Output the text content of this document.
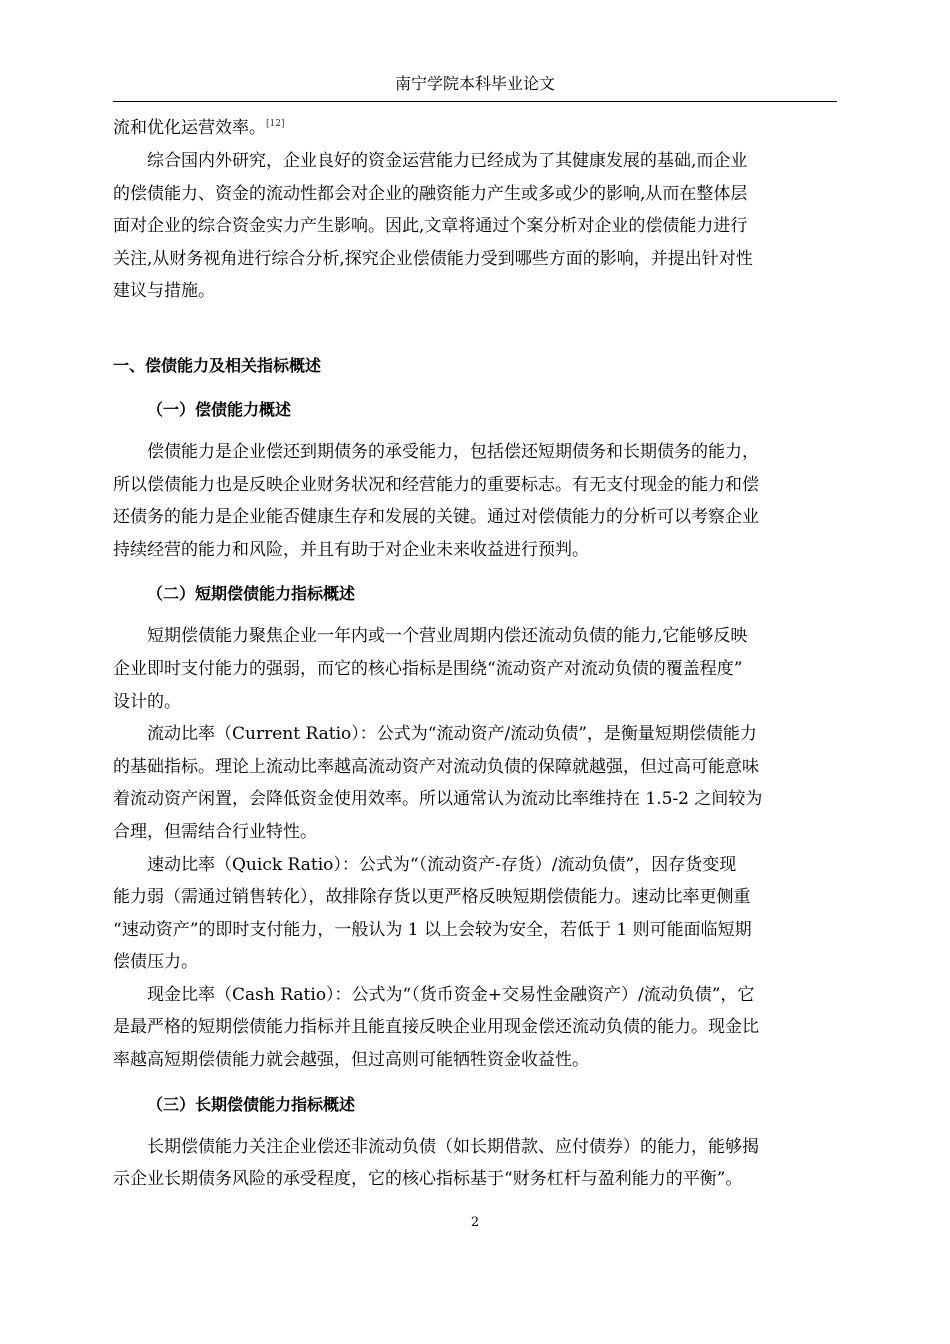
南宁学院本科毕业论文

流和优化运营效率。[12]

综合国内外研究，企业良好的资金运营能力已经成为了其健康发展的基础,而企业
的偿债能力、资金的流动性都会对企业的融资能力产生或多或少的影响,从而在整体层
面对企业的综合资金实力产生影响。因此,文章将通过个案分析对企业的偿债能力进行
关注,从财务视角进行综合分析,探究企业偿债能力受到哪些方面的影响，并提出针对性
建议与措施。

一、偿债能力及相关指标概述

（一）偿债能力概述

偿债能力是企业偿还到期债务的承受能力，包括偿还短期债务和长期债务的能力，
所以偿债能力也是反映企业财务状况和经营能力的重要标志。有无支付现金的能力和偿
还债务的能力是企业能否健康生存和发展的关键。通过对偿债能力的分析可以考察企业
持续经营的能力和风险，并且有助于对企业未来收益进行预判。

（二）短期偿债能力指标概述

短期偿债能力聚焦企业一年内或一个营业周期内偿还流动负债的能力,它能够反映
企业即时支付能力的强弱，而它的核心指标是围绕“流动资产对流动负债的覆盖程度”
设计的。

流动比率（Current Ratio）：公式为“流动资产/流动负债”，是衡量短期偿债能力
的基础指标。理论上流动比率越高流动资产对流动负债的保障就越强，但过高可能意味
着流动资产闲置，会降低资金使用效率。所以通常认为流动比率维持在 1.5-2 之间较为
合理，但需结合行业特性。

速动比率（Quick Ratio）：公式为“（流动资产-存货）/流动负债”，因存货变现
能力弱（需通过销售转化），故排除存货以更严格反映短期偿债能力。速动比率更侧重
“速动资产”的即时支付能力，一般认为 1 以上会较为安全，若低于 1 则可能面临短期
偿债压力。

现金比率（Cash Ratio）：公式为“（货币资金+交易性金融资产）/流动负债”，它
是最严格的短期偿债能力指标并且能直接反映企业用现金偿还流动负债的能力。现金比
率越高短期偿债能力就会越强，但过高则可能牺牲资金收益性。

（三）长期偿债能力指标概述

长期偿债能力关注企业偿还非流动负债（如长期借款、应付债券）的能力，能够揭
示企业长期债务风险的承受程度，它的核心指标基于“财务杠杆与盈利能力的平衡”。

2
